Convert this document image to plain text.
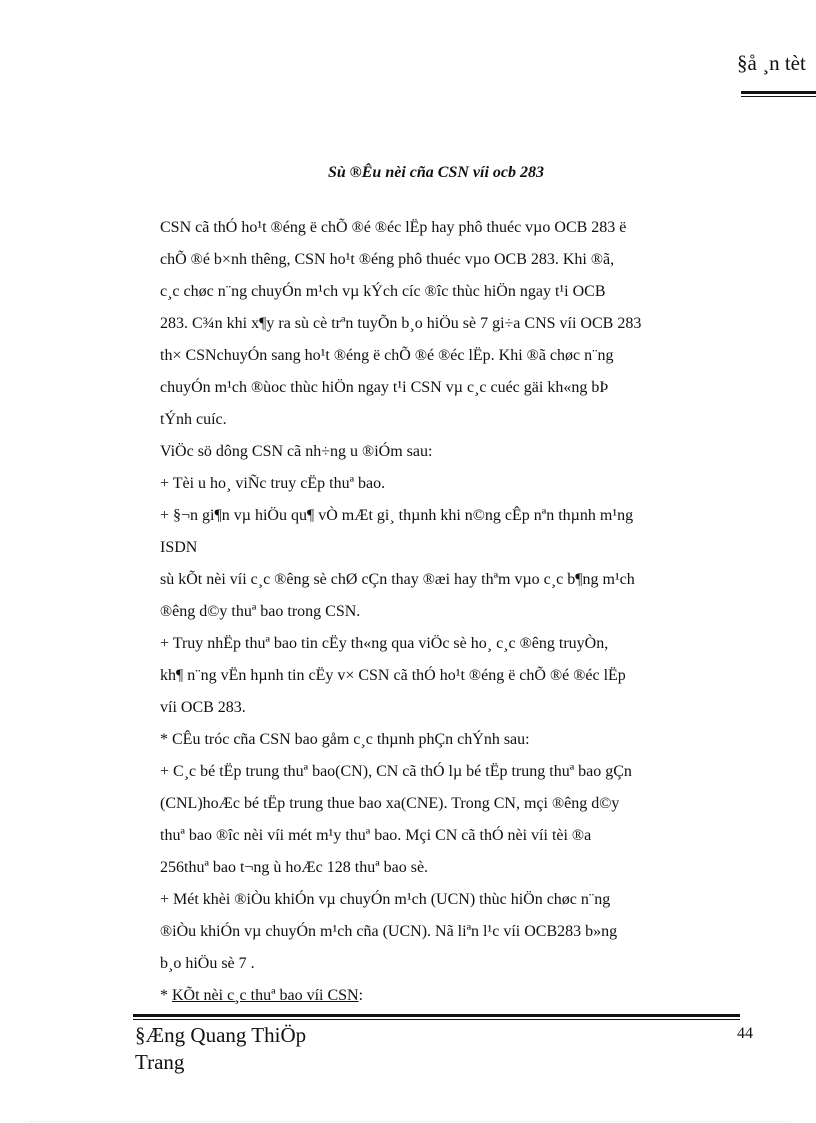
§å ¸n tèt
Sù ®Êu nèi cña CSN víi ocb 283
CSN cã thÓ ho¹t ®éng ë chÕ ®é ®éc lËp hay phô thuéc vµo OCB 283 ë
chÕ ®é b×nh thêng, CSN ho¹t ®éng phô thuéc vµo OCB 283. Khi ®ã,
c¸c chøc n¨ng chuyÓn m¹ch vµ kÝch cíc ®îc thùc hiÖn ngay t¹i OCB
283. C¾n khi x¶y ra sù cè trªn tuyÕn b¸o hiÖu sè 7 gi÷a CNS víi OCB 283
th× CSNchuyÓn sang ho¹t ®éng ë chÕ ®é ®éc lËp. Khi ®ã chøc n¨ng
chuyÓn m¹ch ®ùoc thùc hiÖn ngay t¹i CSN vµ c¸c cuéc gäi kh«ng bÞ
tÝnh cuíc.
ViÖc sö dông CSN cã nh÷ng u ®iÓm sau:
+ Tèi u ho¸ viÑc truy cËp thuª bao.
+ §¬n gi¶n vµ hiÖu qu¶ vÒ mÆt gi¸ thµnh khi n©ng cÊp nªn thµnh m¹ng
ISDN
sù kÕt nèi víi c¸c ®êng sè chØ cÇn thay ®æi hay thªm vµo c¸c b¶ng m¹ch
®êng d©y thuª bao trong CSN.
+ Truy nhËp thuª bao tin cËy th«ng qua viÖc sè ho¸ c¸c ®êng truyÒn,
kh¶ n¨ng vËn hµnh tin cËy v× CSN cã thÓ ho¹t ®éng ë chÕ ®é ®éc lËp
víi OCB 283.
* CÊu tróc cña CSN bao gåm c¸c thµnh phÇn chÝnh sau:
+ C¸c bé tËp trung thuª bao(CN), CN cã thÓ lµ bé tËp trung thuª bao gÇn
(CNL)hoÆc bé tËp trung thue bao xa(CNE). Trong CN, mçi ®êng d©y
thuª bao ®îc nèi víi mét m¹y thuª bao. Mçi CN cã thÓ nèi víi tèi ®a
256thuª bao t¬ng ù hoÆc 128 thuª bao sè.
+ Mét khèi ®iÒu khiÓn vµ chuyÓn m¹ch (UCN) thùc hiÖn chøc n¨ng
®iÒu khiÓn vµ chuyÓn m¹ch cña (UCN). Nã liªn l¹c víi OCB283 b»ng
b¸o hiÖu sè 7 .
* KÕt nèi c¸c thuª bao víi CSN:
§Æng Quang ThiÖp
Trang
44
